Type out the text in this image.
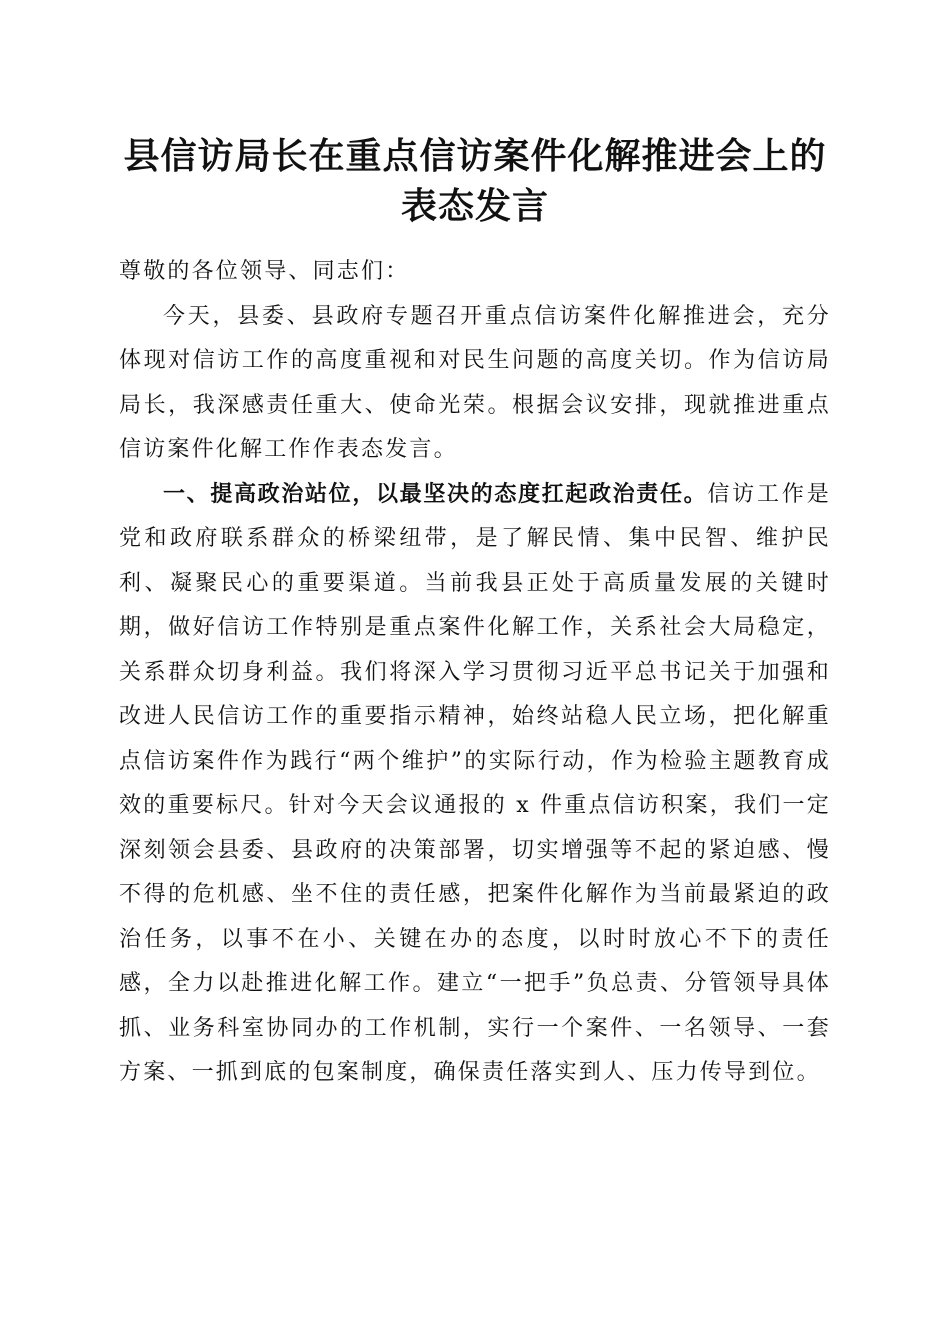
县信访局长在重点信访案件化解推进会上的表态发言

尊敬的各位领导、同志们：

今天，县委、县政府专题召开重点信访案件化解推进会，充分体现对信访工作的高度重视和对民生问题的高度关切。作为信访局局长，我深感责任重大、使命光荣。根据会议安排，现就推进重点信访案件化解工作作表态发言。

一、提高政治站位，以最坚决的态度扛起政治责任。信访工作是党和政府联系群众的桥梁纽带，是了解民情、集中民智、维护民利、凝聚民心的重要渠道。当前我县正处于高质量发展的关键时期，做好信访工作特别是重点案件化解工作，关系社会大局稳定，关系群众切身利益。我们将深入学习贯彻习近平总书记关于加强和改进人民信访工作的重要指示精神，始终站稳人民立场，把化解重点信访案件作为践行“两个维护”的实际行动，作为检验主题教育成效的重要标尺。针对今天会议通报的 x 件重点信访积案，我们一定深刻领会县委、县政府的决策部署，切实增强等不起的紧迫感、慢不得的危机感、坐不住的责任感，把案件化解作为当前最紧迫的政治任务，以事不在小、关键在办的态度，以时时放心不下的责任感，全力以赴推进化解工作。建立“一把手”负总责、分管领导具体抓、业务科室协同办的工作机制，实行一个案件、一名领导、一套方案、一抓到底的包案制度，确保责任落实到人、压力传导到位。
